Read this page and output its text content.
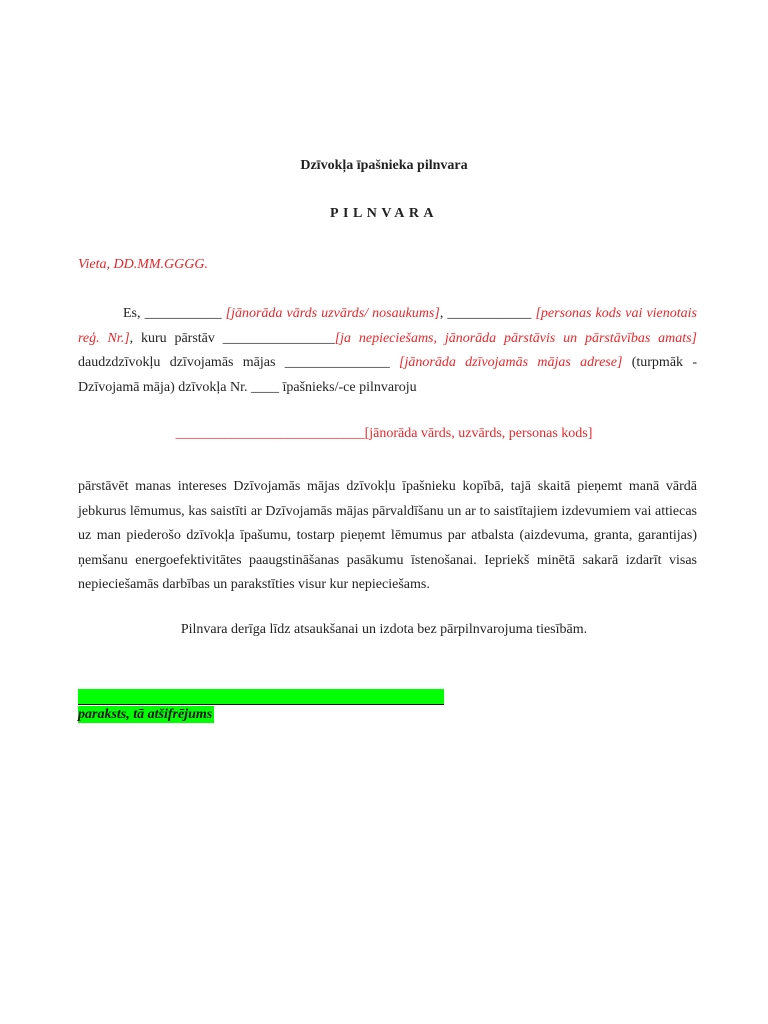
Dzīvokļa īpašnieka pilnvara
PILNVARA
Vieta, DD.MM.GGGG.
Es, ___________ [jānorāda vārds uzvārds/ nosaukums], ____________ [personas kods vai vienotais reģ. Nr.], kuru pārstāv ________________[ja nepieciešams, jānorāda pārstāvis un pārstāvības amats] daudzdzīvokļu dzīvojamās mājas _______________ [jānorāda dzīvojamās mājas adrese] (turpmāk - Dzīvojamā māja) dzīvokļa Nr. ____ īpašnieks/-ce pilnvaroju
___________________________[jānorāda vārds, uzvārds, personas kods]
pārstāvēt manas intereses Dzīvojamās mājas dzīvokļu īpašnieku kopībā, tajā skaitā pieņemt manā vārdā jebkurus lēmumus, kas saistīti ar Dzīvojamās mājas pārvaldīšanu un ar to saistītajiem izdevumiem vai attiecas uz man piederošo dzīvokļa īpašumu, tostarp pieņemt lēmumus par atbalsta (aizdevuma, granta, garantijas) ņemšanu energoefektivitātes paaugstināšanas pasākumu īstenošanai. Iepriekš minētā sakarā izdarīt visas nepieciešamās darbības un parakstīties visur kur nepieciešams.
Pilnvara derīga līdz atsaukšanai un izdota bez pārpilnvarojuma tiesībām.
paraksts, tā atšifrējums
